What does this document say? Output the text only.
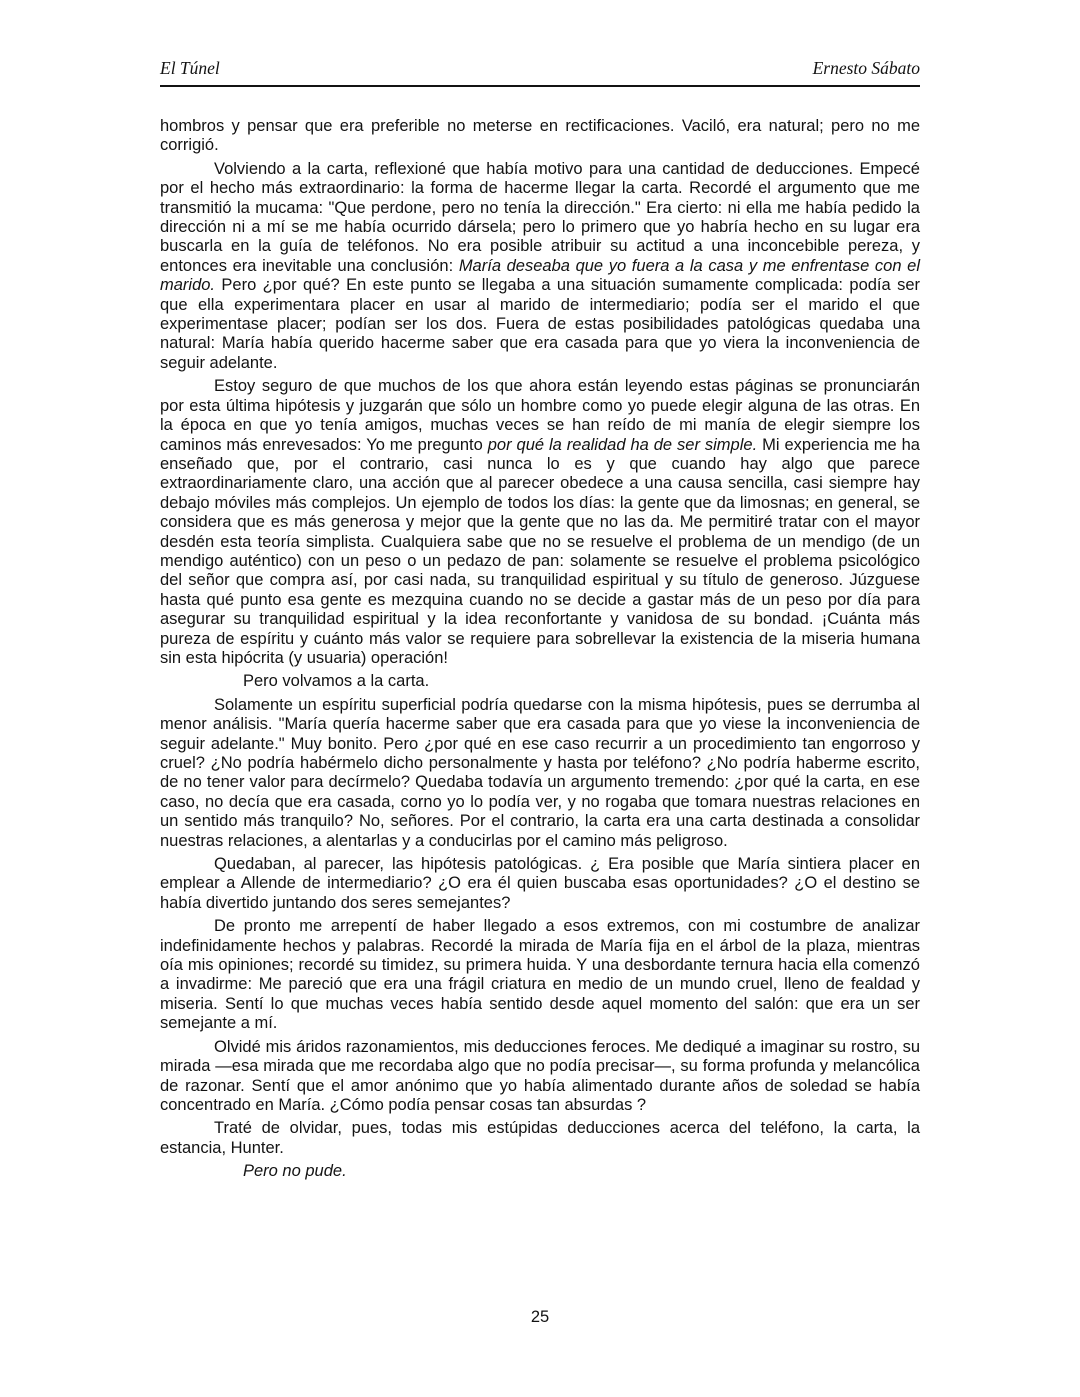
El Túnel	Ernesto Sábato

hombros y pensar que era preferible no meterse en rectificaciones. Vaciló, era natural; pero no me corrigió.

Volviendo a la carta, reflexioné que había motivo para una cantidad de deducciones. Empecé por el hecho más extraordinario: la forma de hacerme llegar la carta. Recordé el argumento que me transmitió la mucama: "Que perdone, pero no tenía la dirección." Era cierto: ni ella me había pedido la dirección ni a mí se me había ocurrido dársela; pero lo primero que yo habría hecho en su lugar era buscarla en la guía de teléfonos. No era posible atribuir su actitud a una inconcebible pereza, y entonces era inevitable una conclusión: María deseaba que yo fuera a la casa y me enfrentase con el marido. Pero ¿por qué? En este punto se llegaba a una situación sumamente complicada: podía ser que ella experimentara placer en usar al marido de intermediario; podía ser el marido el que experimentase placer; podían ser los dos. Fuera de estas posibilidades patológicas quedaba una natural: María había querido hacerme saber que era casada para que yo viera la inconveniencia de seguir adelante.

Estoy seguro de que muchos de los que ahora están leyendo estas páginas se pronunciarán por esta última hipótesis y juzgarán que sólo un hombre como yo puede elegir alguna de las otras. En la época en que yo tenía amigos, muchas veces se han reído de mi manía de elegir siempre los caminos más enrevesados: Yo me pregunto por qué la realidad ha de ser simple. Mi experiencia me ha enseñado que, por el contrario, casi nunca lo es y que cuando hay algo que parece extraordinariamente claro, una acción que al parecer obedece a una causa sencilla, casi siempre hay debajo móviles más complejos. Un ejemplo de todos los días: la gente que da limosnas; en general, se considera que es más generosa y mejor que la gente que no las da. Me permitiré tratar con el mayor desdén esta teoría simplista. Cualquiera sabe que no se resuelve el problema de un mendigo (de un mendigo auténtico) con un peso o un pedazo de pan: solamente se resuelve el problema psicológico del señor que compra así, por casi nada, su tranquilidad espiritual y su título de generoso. Júzguese hasta qué punto esa gente es mezquina cuando no se decide a gastar más de un peso por día para asegurar su tranquilidad espiritual y la idea reconfortante y vanidosa de su bondad. ¡Cuánta más pureza de espíritu y cuánto más valor se requiere para sobrellevar la existencia de la miseria humana sin esta hipócrita (y usuaria) operación!

Pero volvamos a la carta.

Solamente un espíritu superficial podría quedarse con la misma hipótesis, pues se derrumba al menor análisis. "María quería hacerme saber que era casada para que yo viese la inconveniencia de seguir adelante." Muy bonito. Pero ¿por qué en ese caso recurrir a un procedimiento tan engorroso y cruel? ¿No podría habérmelo dicho personalmente y hasta por teléfono? ¿No podría haberme escrito, de no tener valor para decírmelo? Quedaba todavía un argumento tremendo: ¿por qué la carta, en ese caso, no decía que era casada, corno yo lo podía ver, y no rogaba que tomara nuestras relaciones en un sentido más tranquilo? No, señores. Por el contrario, la carta era una carta destinada a consolidar nuestras relaciones, a alentarlas y a conducirlas por el camino más peligroso.

Quedaban, al parecer, las hipótesis patológicas. ¿ Era posible que María sintiera placer en emplear a Allende de intermediario? ¿O era él quien buscaba esas oportunidades? ¿O el destino se había divertido juntando dos seres semejantes?

De pronto me arrepentí de haber llegado a esos extremos, con mi costumbre de analizar indefinidamente hechos y palabras. Recordé la mirada de María fija en el árbol de la plaza, mientras oía mis opiniones; recordé su timidez, su primera huida. Y una desbordante ternura hacia ella comenzó a invadirme: Me pareció que era una frágil criatura en medio de un mundo cruel, lleno de fealdad y miseria. Sentí lo que muchas veces había sentido desde aquel momento del salón: que era un ser semejante a mí.

Olvidé mis áridos razonamientos, mis deducciones feroces. Me dediqué a imaginar su rostro, su mirada —esa mirada que me recordaba algo que no podía precisar—, su forma profunda y melancólica de razonar. Sentí que el amor anónimo que yo había alimentado durante años de soledad se había concentrado en María. ¿Cómo podía pensar cosas tan absurdas ?

Traté de olvidar, pues, todas mis estúpidas deducciones acerca del teléfono, la carta, la estancia, Hunter.

Pero no pude.

25
